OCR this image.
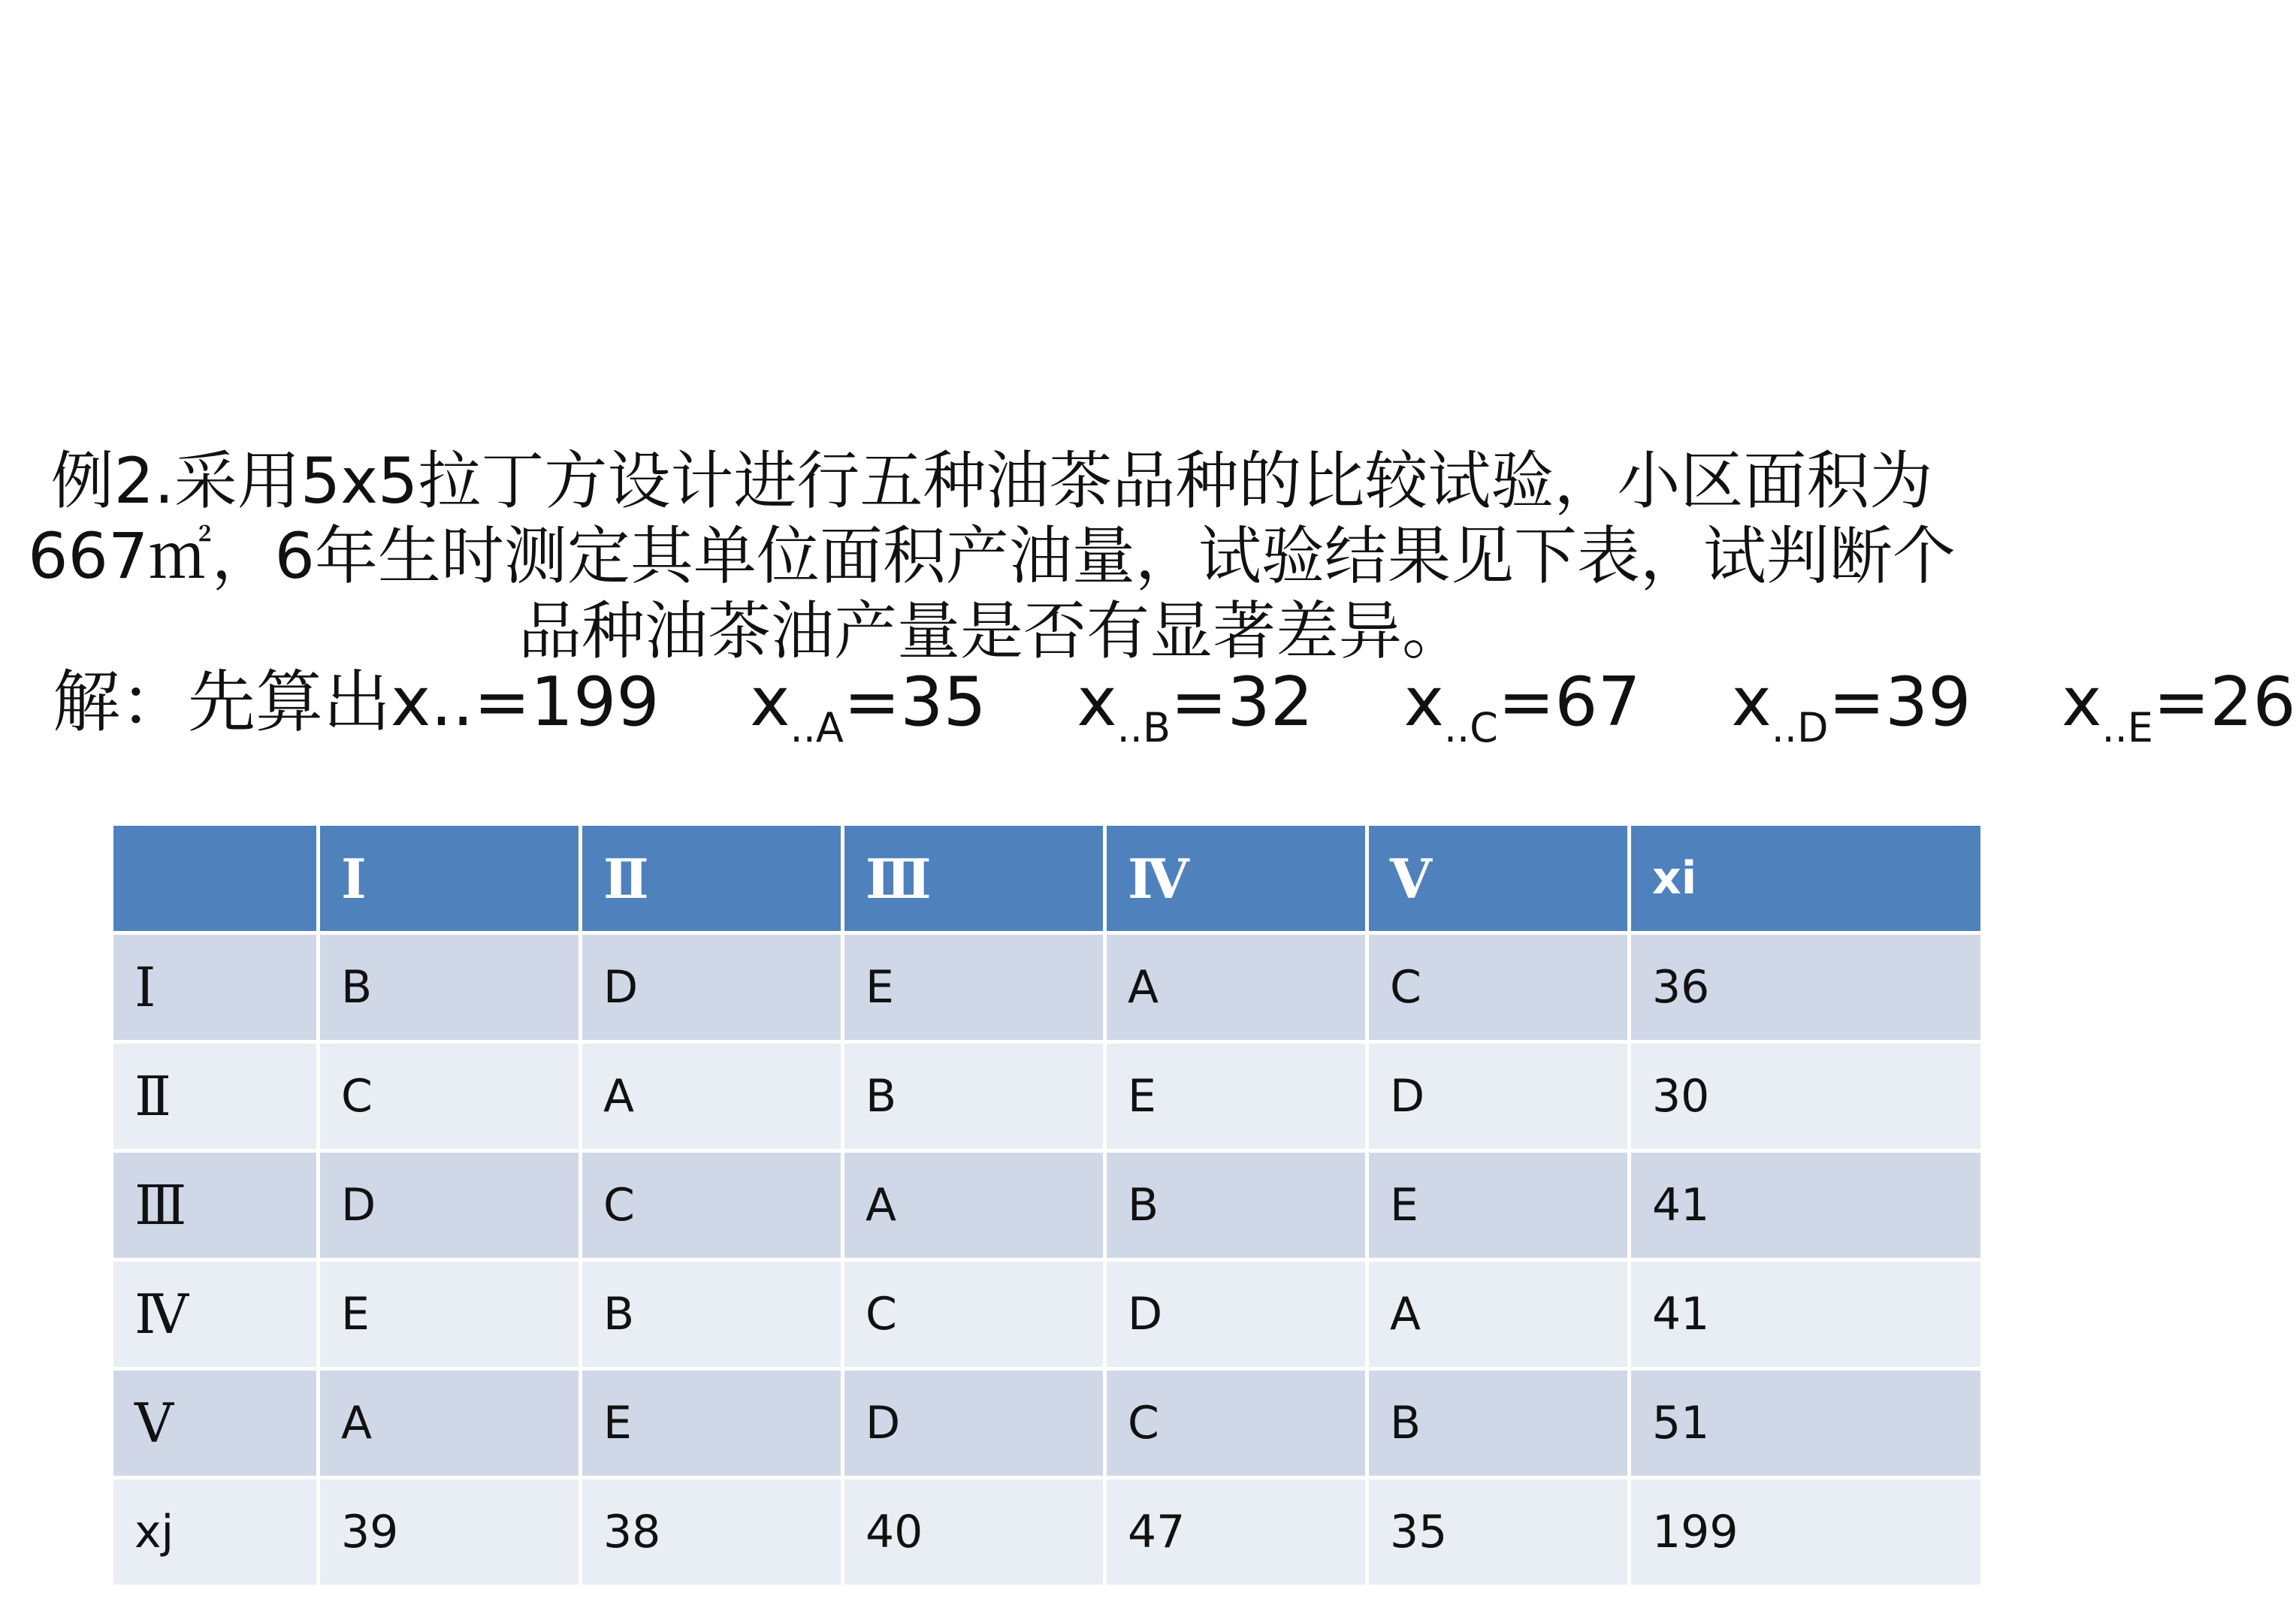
例2.采用5x5拉丁方设计进行五种油茶品种的比较试验，小区面积为667㎡，6年生时测定其单位面积产油量，试验结果见下表，试判断个品种油茶油产量是否有显著差异。
解：先算出x..=199 $x_{..A}=35$ $x_{..B}=32$ $x_{..C}=67$ $x_{..D}=39$ $x_{..E}=26$
	Ⅰ	Ⅱ	Ⅲ	Ⅳ	Ⅴ	xi
Ⅰ	B	D	E	A	C	36
Ⅱ	C	A	B	E	D	30
Ⅲ	D	C	A	B	E	41
Ⅳ	E	B	C	D	A	41
Ⅴ	A	E	D	C	B	51
xj	39	38	40	47	35	199
